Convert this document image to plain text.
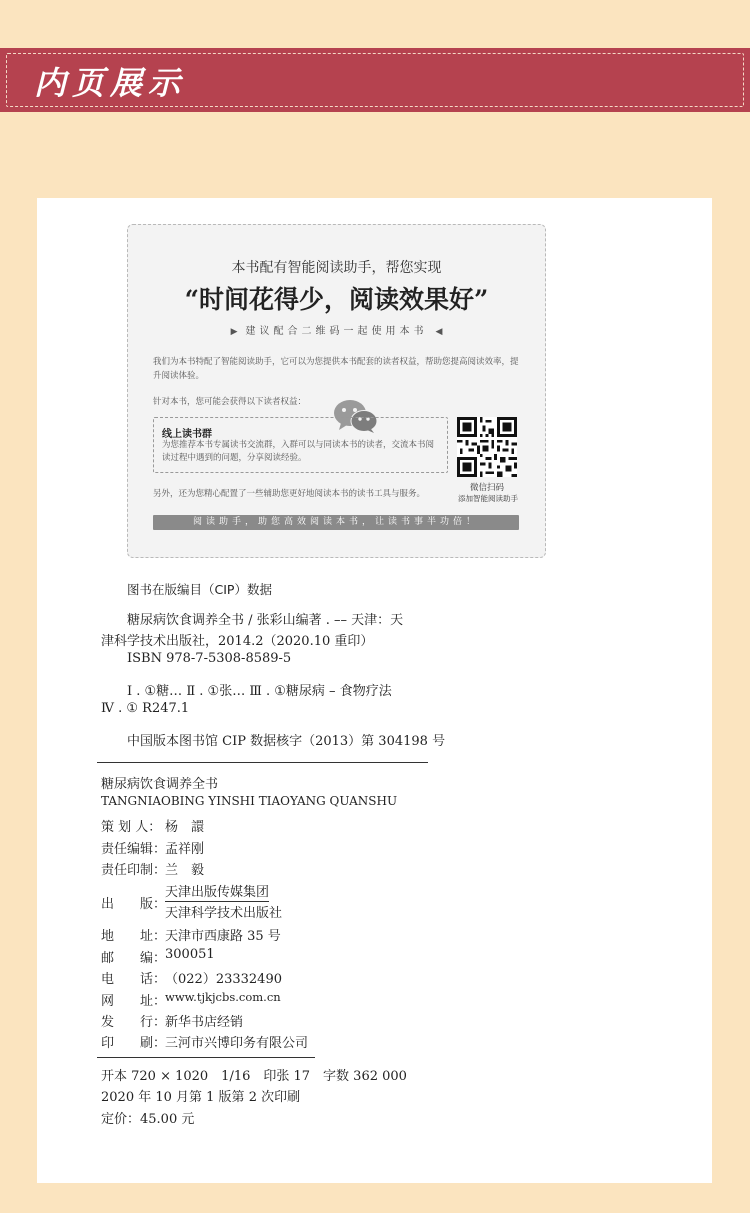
内页展示
本书配有智能阅读助手，帮您实现
“时间花得少，阅读效果好”
▶ 建议配合二维码一起使用本书 ◀
我们为本书特配了智能阅读助手，它可以为您提供本书配套的读者权益，帮助您提高阅读效率，提升阅读体验。
针对本书，您可能会获得以下读者权益：
线上读书群
为您推荐本书专属读书交流群，入群可以与同读本书的读者，交流本书阅读过程中遇到的问题，分享阅读经验。
微信扫码
添加智能阅读助手
另外，还为您精心配置了一些辅助您更好地阅读本书的读书工具与服务。
阅读助手，助您高效阅读本书，让读书事半功倍！
图书在版编目（CIP）数据
糖尿病饮食调养全书 / 张彩山编著 . –– 天津：天
津科学技术出版社，2014.2（2020.10 重印）
ISBN 978-7-5308-8589-5
Ⅰ . ①糖… Ⅱ . ①张… Ⅲ . ①糖尿病 – 食物疗法
Ⅳ . ① R247.1
中国版本图书馆 CIP 数据核字（2013）第 304198 号
糖尿病饮食调养全书
TANGNIAOBING YINSHI TIAOYANG QUANSHU
策 划 人： 杨　譞
责任编辑：
孟祥刚
责任印制：
兰　毅
出　　版：
天津出版传媒集团
天津科学技术出版社
地　　址：
天津市西康路 35 号
邮　　编：
300051
电　　话：
（022）23332490
网　　址：
www.tjkjcbs.com.cn
发　　行：
新华书店经销
印　　刷：
三河市兴博印务有限公司
开本 720 × 1020　1/16　印张 17　字数 362 000
2020 年 10 月第 1 版第 2 次印刷
定价：45.00 元
